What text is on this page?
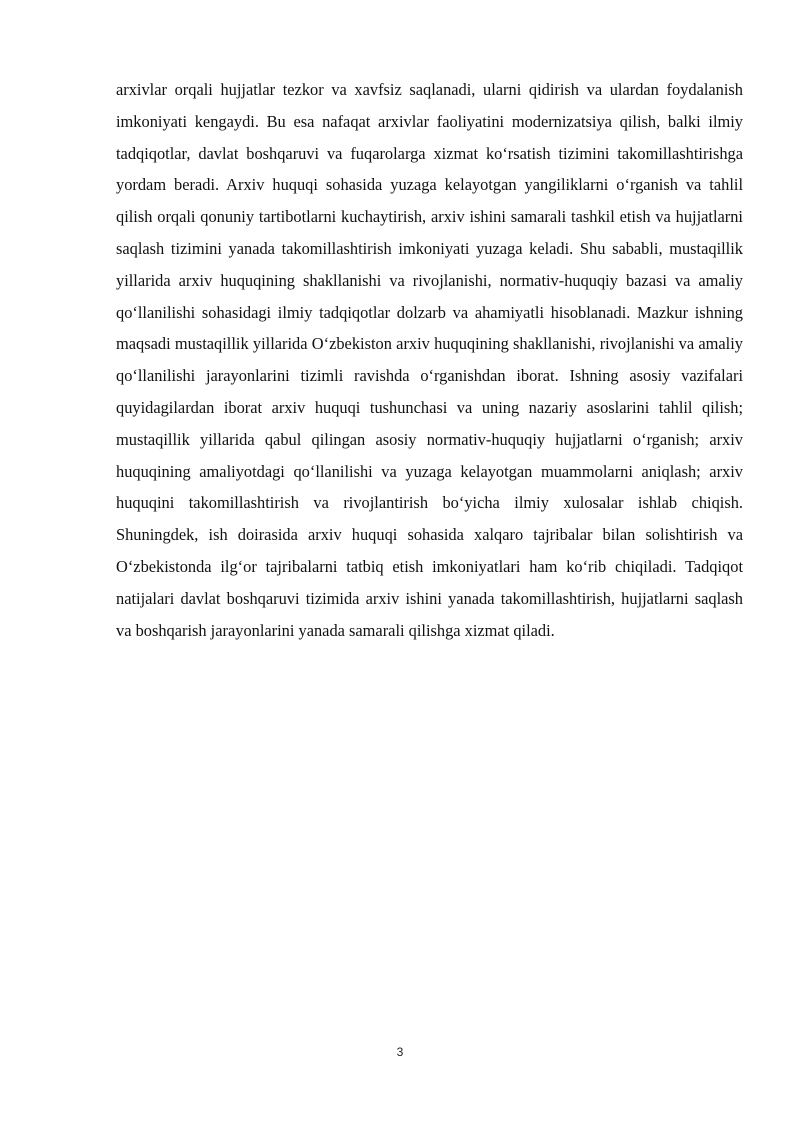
arxivlar orqali hujjatlar tezkor va xavfsiz saqlanadi, ularni qidirish va ulardan foydalanish imkoniyati kengaydi. Bu esa nafaqat arxivlar faoliyatini modernizatsiya qilish, balki ilmiy tadqiqotlar, davlat boshqaruvi va fuqarolarga xizmat ko‘rsatish tizimini takomillashtirishga yordam beradi. Arxiv huquqi sohasida yuzaga kelayotgan yangiliklarni o‘rganish va tahlil qilish orqali qonuniy tartibotlarni kuchaytirish, arxiv ishini samarali tashkil etish va hujjatlarni saqlash tizimini yanada takomillashtirish imkoniyati yuzaga keladi. Shu sababli, mustaqillik yillarida arxiv huquqining shakllanishi va rivojlanishi, normativ-huquqiy bazasi va amaliy qo‘llanilishi sohasidagi ilmiy tadqiqotlar dolzarb va ahamiyatli hisoblanadi. Mazkur ishning maqsadi mustaqillik yillarida O‘zbekiston arxiv huquqining shakllanishi, rivojlanishi va amaliy qo‘llanilishi jarayonlarini tizimli ravishda o‘rganishdan iborat. Ishning asosiy vazifalari quyidagilardan iborat arxiv huquqi tushunchasi va uning nazariy asoslarini tahlil qilish; mustaqillik yillarida qabul qilingan asosiy normativ-huquqiy hujjatlarni o‘rganish; arxiv huquqining amaliyotdagi qo‘llanilishi va yuzaga kelayotgan muammolarni aniqlash; arxiv huquqini takomillashtirish va rivojlantirish bo‘yicha ilmiy xulosalar ishlab chiqish. Shuningdek, ish doirasida arxiv huquqi sohasida xalqaro tajribalar bilan solishtirish va O‘zbekistonda ilg‘or tajribalarni tatbiq etish imkoniyatlari ham ko‘rib chiqiladi. Tadqiqot natijalari davlat boshqaruvi tizimida arxiv ishini yanada takomillashtirish, hujjatlarni saqlash va boshqarish jarayonlarini yanada samarali qilishga xizmat qiladi.

3
